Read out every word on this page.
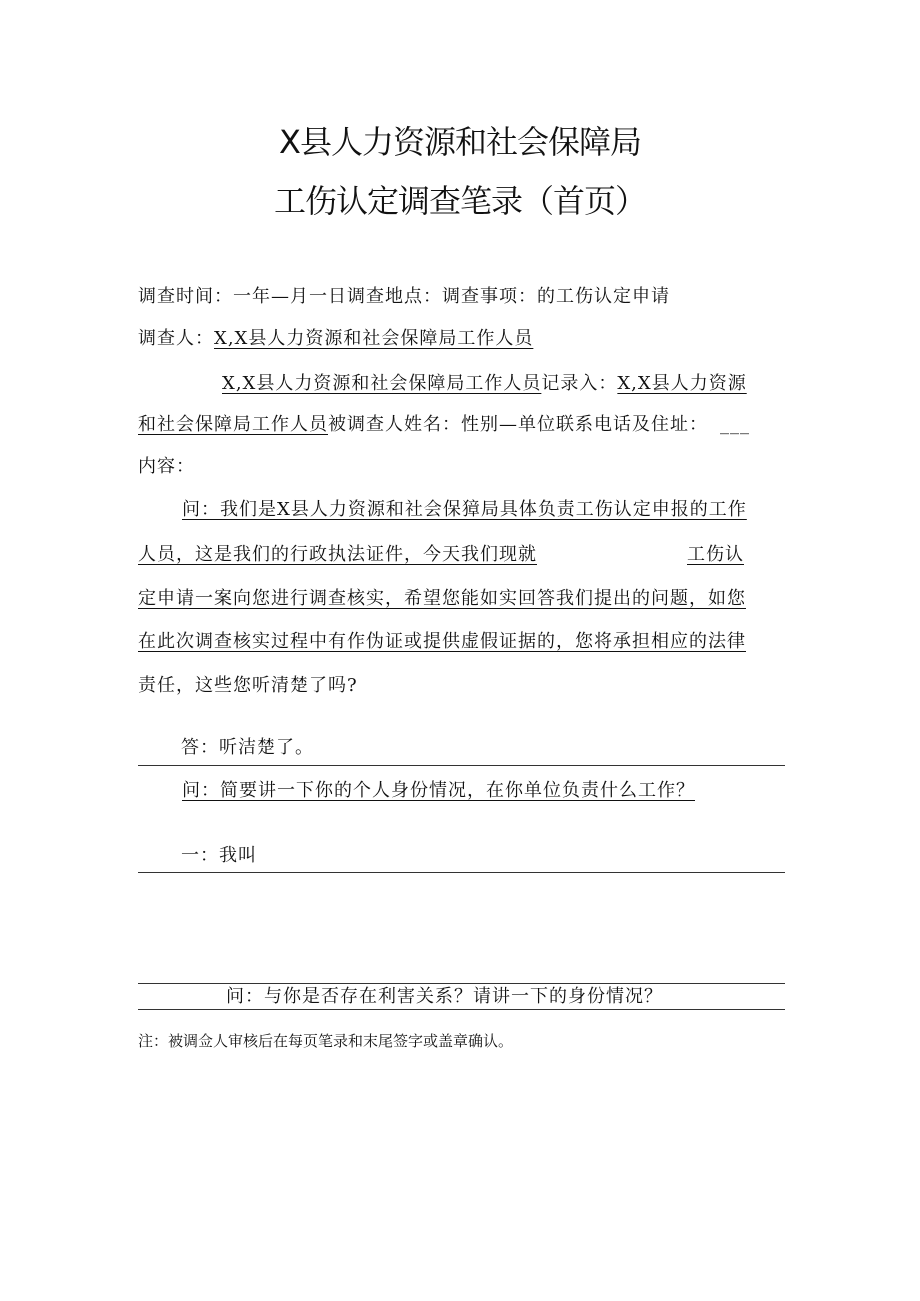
X县人力资源和社会保障局
工伤认定调查笔录（首页）
调查时间：一年—月一日调查地点：调查事项：的工伤认定申请
调查人：X,X县人力资源和社会保障局工作人员
X,X县人力资源和社会保障局工作人员记录入：X,X县人力资源
和社会保障局工作人员被调查人姓名：性别—单位联系电话及住址： ___
内容：
问：我们是X县人力资源和社会保獐局具体负责工伤认定申报的工作
人员，这是我们的行政执法证件，今天我们现就	工伤认
定申请一案向您进行调查核实，希望您能如实回答我们提出的问题，如您
在此次调查核实过程中有作伪证或提供虚假证据的，您将承担相应的法律
责任，这些您听清楚了吗?
答：听洁楚了。
问：简要讲一下你的个人身份情况，在你单位负责什么工作？
一：我叫
问：与你是否存在利害关系？请讲一下的身份情况？
注：被调佥人审核后在每页笔录和末尾签字或盖章确认。
